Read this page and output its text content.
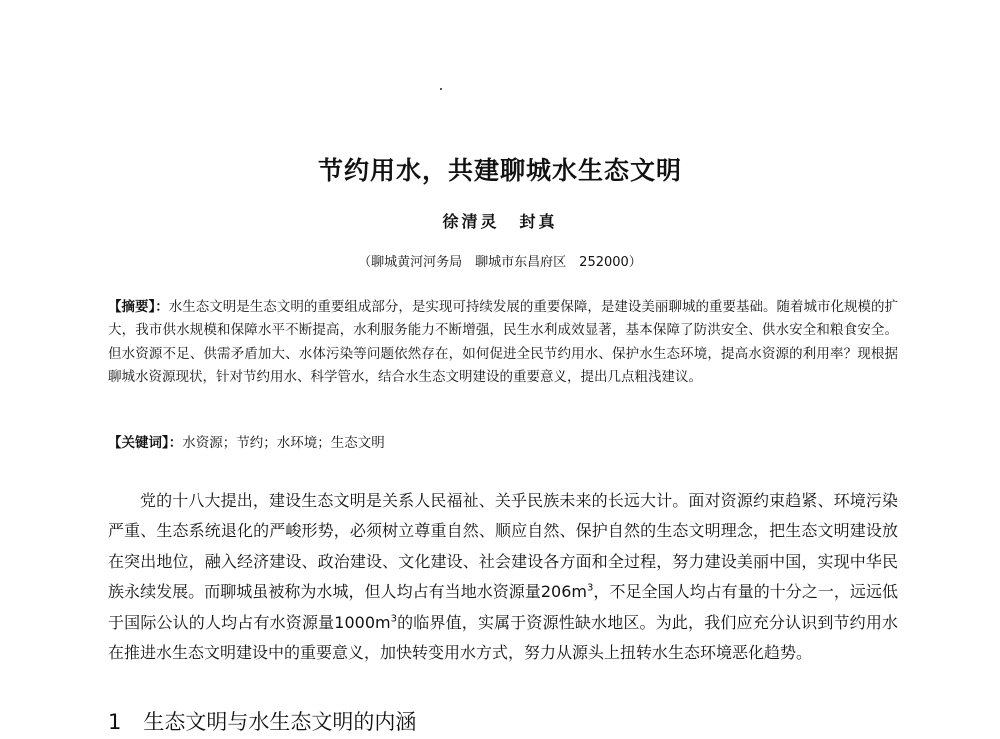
节约用水，共建聊城水生态文明
徐清灵 封真
（聊城黄河河务局　聊城市东昌府区　252000）
【摘要】：水生态文明是生态文明的重要组成部分，是实现可持续发展的重要保障，是建设美丽聊城的重要基础。随着城市化规模的扩大，我市供水规模和保障水平不断提高，水利服务能力不断增强，民生水利成效显著，基本保障了防洪安全、供水安全和粮食安全。但水资源不足、供需矛盾加大、水体污染等问题依然存在，如何促进全民节约用水、保护水生态环境，提高水资源的利用率？现根据聊城水资源现状，针对节约用水、科学管水，结合水生态文明建设的重要意义，提出几点粗浅建议。
【关键词】：水资源；节约；水环境；生态文明

党的十八大提出，建设生态文明是关系人民福祉、关乎民族未来的长远大计。面对资源约束趋紧、环境污染严重、生态系统退化的严峻形势，必须树立尊重自然、顺应自然、保护自然的生态文明理念，把生态文明建设放在突出地位，融入经济建设、政治建设、文化建设、社会建设各方面和全过程，努力建设美丽中国，实现中华民族永续发展。而聊城虽被称为水城，但人均占有当地水资源量$206m^3$，不足全国人均占有量的十分之一，远远低于国际公认的人均占有水资源量$1000m^3$的临界值，实属于资源性缺水地区。为此，我们应充分认识到节约用水在推进水生态文明建设中的重要意义，加快转变用水方式，努力从源头上扭转水生态环境恶化趋势。

1 生态文明与水生态文明的内涵
